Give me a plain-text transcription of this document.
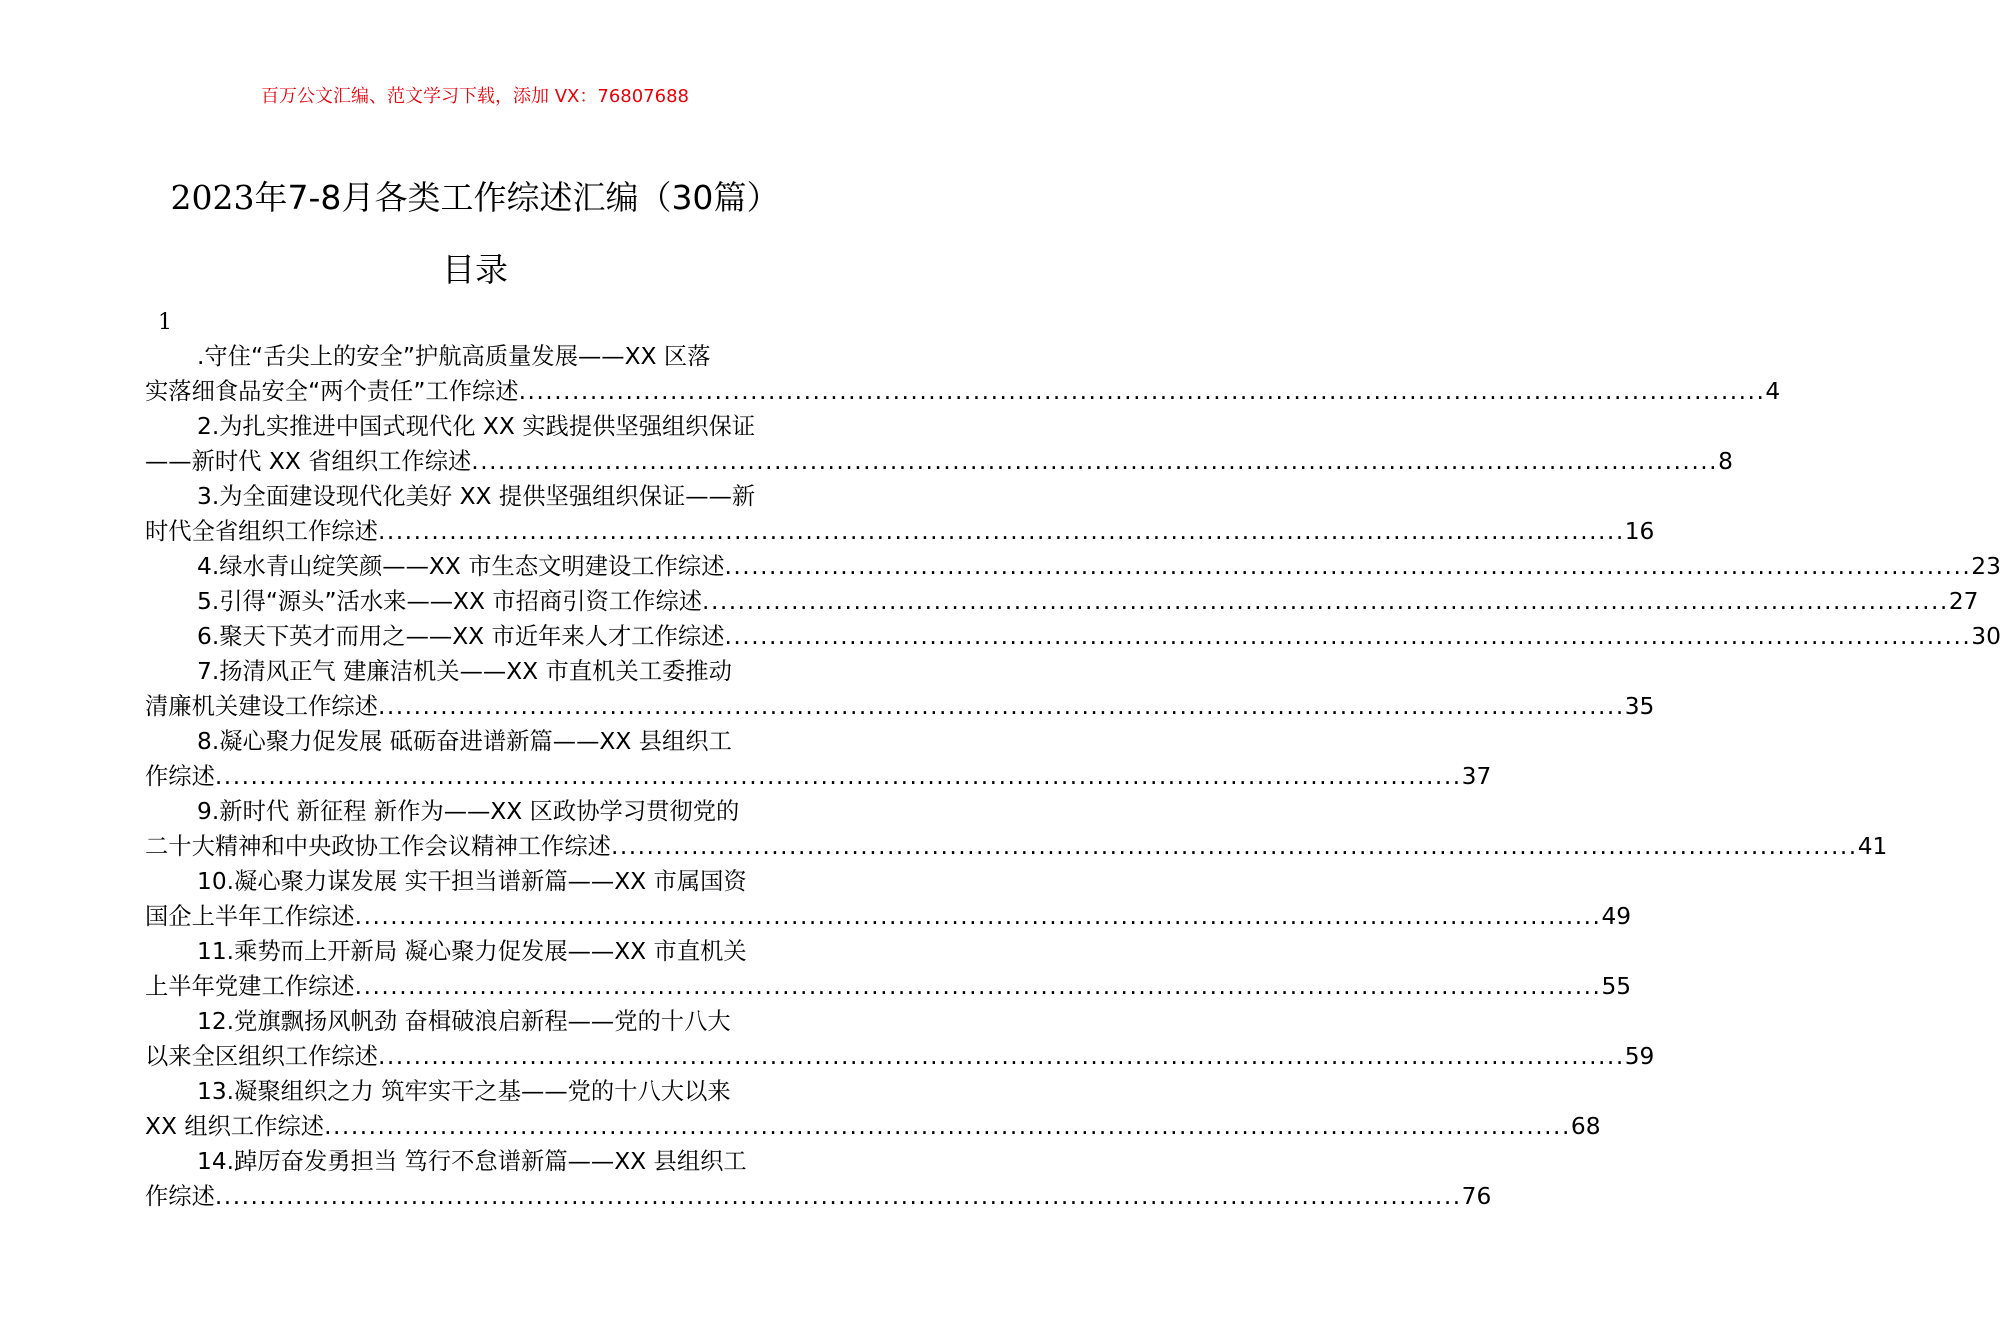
百万公文汇编、范文学习下载，添加 VX：76807688
2023年7-8月各类工作综述汇编（30篇）
目录
1
.守住“舌尖上的安全”护航高质量发展——XX 区落
实落细食品安全“两个责任”工作综述 ............................................................................................................................................ 4
2.为扎实推进中国式现代化 XX 实践提供坚强组织保证
——新时代 XX 省组织工作综述 ............................................................................................................................................ 8
3.为全面建设现代化美好 XX 提供坚强组织保证——新
时代全省组织工作综述 ............................................................................................................................................ 16
4.绿水青山绽笑颜——XX 市生态文明建设工作综述 ............................................................................................................................................ 23
5.引得“源头”活水来——XX 市招商引资工作综述 ............................................................................................................................................ 27
6.聚天下英才而用之——XX 市近年来人才工作综述 ............................................................................................................................................ 30
7.扬清风正气 建廉洁机关——XX 市直机关工委推动
清廉机关建设工作综述 ............................................................................................................................................ 35
8.凝心聚力促发展 砥砺奋进谱新篇——XX 县组织工
作综述 ............................................................................................................................................ 37
9.新时代 新征程 新作为——XX 区政协学习贯彻党的
二十大精神和中央政协工作会议精神工作综述 ............................................................................................................................................ 41
10.凝心聚力谋发展 实干担当谱新篇——XX 市属国资
国企上半年工作综述 ............................................................................................................................................ 49
11.乘势而上开新局 凝心聚力促发展——XX 市直机关
上半年党建工作综述 ............................................................................................................................................ 55
12.党旗飘扬风帆劲 奋楫破浪启新程——党的十八大
以来全区组织工作综述 ............................................................................................................................................ 59
13.凝聚组织之力 筑牢实干之基——党的十八大以来
XX 组织工作综述 ............................................................................................................................................ 68
14.踔厉奋发勇担当 笃行不怠谱新篇——XX 县组织工
作综述 ............................................................................................................................................ 76
